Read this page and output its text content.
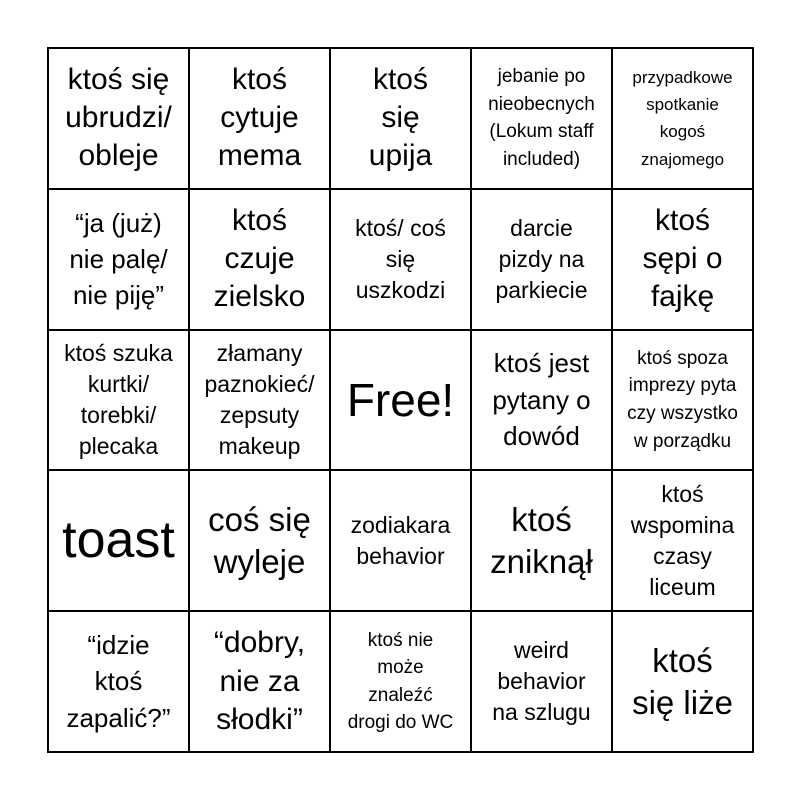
ktoś się
ubrudzi/
obleje
ktoś
cytuje
mema
ktoś
się
upija
jebanie po
nieobecnych
(Lokum staff
included)
przypadkowe
spotkanie
kogoś
znajomego
“ja (już)
nie palę/
nie piję”
ktoś
czuje
zielsko
ktoś/ coś
się
uszkodzi
darcie
pizdy na
parkiecie
ktoś
sępi o
fajkę
ktoś szuka
kurtki/
torebki/
plecaka
złamany
paznokieć/
zepsuty
makeup
Free!
ktoś jest
pytany o
dowód
ktoś spoza
imprezy pyta
czy wszystko
w porządku
toast coś się
wyleje
zodiakara
behavior
ktoś
zniknął
ktoś
wspomina
czasy
liceum
“idzie
ktoś
zapalić?”
“dobry,
nie za
słodki”
ktoś nie
może
znaleźć
drogi do WC
weird
behavior
na szlugu
ktoś
się liże
